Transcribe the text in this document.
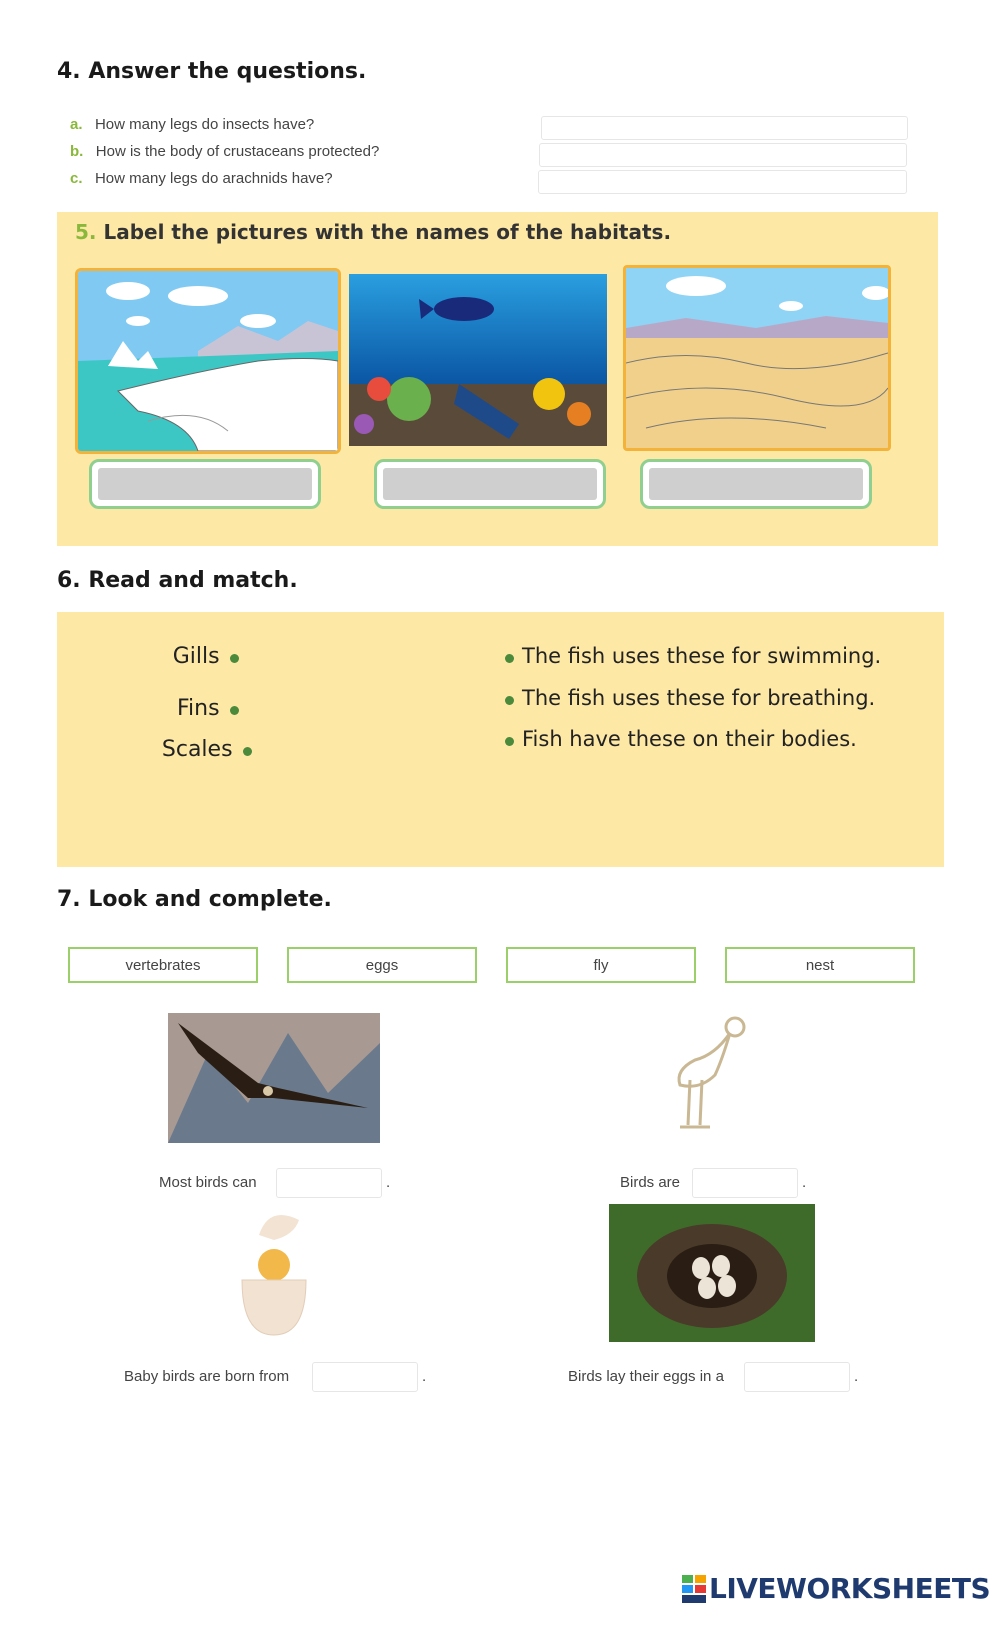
4. Answer the questions.
a. How many legs do insects have?
b. How is the body of crustaceans protected?
c. How many legs do arachnids have?
5. Label the pictures with the names of the habitats.
6. Read and match.
Gills
Fins
Scales
The fish uses these for swimming.
The fish uses these for breathing.
Fish have these on their bodies.
7. Look and complete.
vertebrates	eggs	fly	nest
Most birds can	.	Birds are	.
Baby birds are born from	.	Birds lay their eggs in a	.
LIVEWORKSHEETS
